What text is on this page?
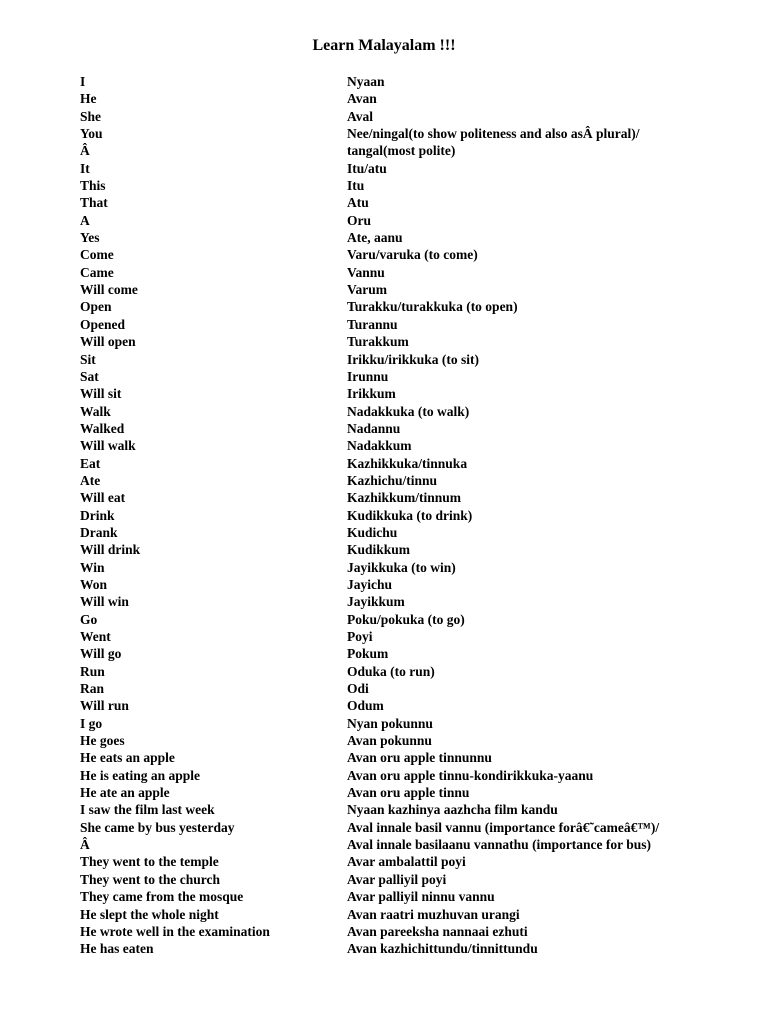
Learn Malayalam !!!
I	Nyaan
He	Avan
She	Aval
You	Nee/ningal(to show politeness and also asÂ plural)/
Â	tangal(most polite)
It	Itu/atu
This	Itu
That	Atu
A	Oru
Yes	Ate, aanu
Come	Varu/varuka (to come)
Came	Vannu
Will come	Varum
Open	Turakku/turakkuka (to open)
Opened	Turannu
Will open	Turakkum
Sit	Irikku/irikkuka (to sit)
Sat	Irunnu
Will sit	Irikkum
Walk	Nadakkuka (to walk)
Walked	Nadannu
Will walk	Nadakkum
Eat	Kazhikkuka/tinnuka
Ate	Kazhichu/tinnu
Will eat	Kazhikkum/tinnum
Drink	Kudikkuka (to drink)
Drank	Kudichu
Will drink	Kudikkum
Win	Jayikkuka (to win)
Won	Jayichu
Will win	Jayikkum
Go	Poku/pokuka (to go)
Went	Poyi
Will go	Pokum
Run	Oduka (to run)
Ran	Odi
Will run	Odum
I go	Nyan pokunnu
He goes	Avan pokunnu
He eats an apple	Avan oru apple tinnunnu
He is eating an apple	Avan oru apple tinnu-kondirikkuka-yaanu
He ate an apple	Avan oru apple tinnu
I saw the film last week	Nyaan kazhinya aazhcha film kandu
She came by bus yesterday	Aval innale basil vannu (importance forâ€˜cameâ€™)/
Â	Aval innale basilaanu vannathu (importance for bus)
They went to the temple	Avar ambalattil poyi
They went to the church	Avar palliyil poyi
They came from the mosque	Avar palliyil ninnu vannu
He slept the whole night	Avan raatri muzhuvan urangi
He wrote well in the examination	Avan pareeksha nannaai ezhuti
He has eaten	Avan kazhichittundu/tinnittundu
